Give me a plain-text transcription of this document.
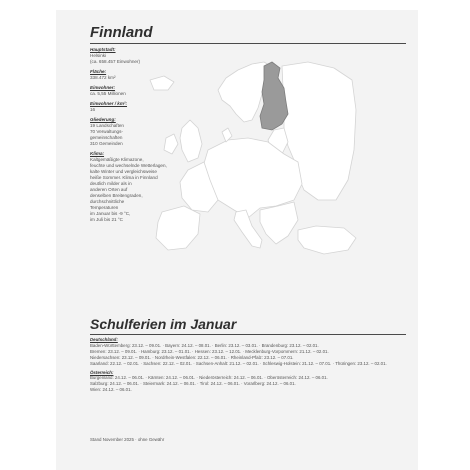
Finnland
Hauptstadt:
Helsinki
(ca. 658.457 Einwohner)
Fläche:
338.472 km²
Einwohner:
ca. 5,55 Millionen
Einwohner / km²:
16
Gliederung:
19 Landschaften
70 Verwaltungs-
gemeinschaften
310 Gemeinden
Klima:
Kaltgemäßigte Klimazone,
feuchte und wechselnde Wetterlagen,
kalte Winter und vergleichsweise
heiße Sommer. Klima in Finnland
deutlich milder als in
anderen Orten auf
denselben Breitengraden,
durchschnittliche
Temperaturen
im Januar bis -9 °C,
im Juli bis 21 °C
Schulferien im Januar
Deutschland:
Baden-Württemberg: 23.12. – 09.01. · Bayern: 24.12. – 08.01. · Berlin: 23.12. – 03.01. · Brandenburg: 23.12. – 02.01.
Bremen: 23.12. – 09.01. · Hamburg: 23.12. – 01.01. · Hessen: 23.12. – 12.01. · Mecklenburg-Vorpommern: 21.12. – 02.01.
Niedersachsen: 23.12. – 09.01. · Nordrhein-Westfalen: 22.12. – 06.01. · Rheinland-Pfalz: 23.12. – 07.01.
Saarland: 22.12. – 02.01. · Sachsen: 22.12. – 02.01. · Sachsen-Anhalt: 21.12. – 02.01. · Schleswig-Holstein: 21.12. – 07.01. · Thüringen: 23.12. – 02.01.
Österreich:
Burgenland: 24.12. – 06.01. · Kärnten: 24.12. – 06.01. · Niederösterreich: 24.12. – 06.01. · Oberösterreich: 24.12. – 06.01.
Salzburg: 24.12. – 06.01. · Steiermark: 24.12. – 06.01. · Tirol: 24.12. – 06.01. · Vorarlberg: 24.12. – 06.01.
Wien: 24.12. – 06.01.
Stand November 2025 · ohne Gewähr
